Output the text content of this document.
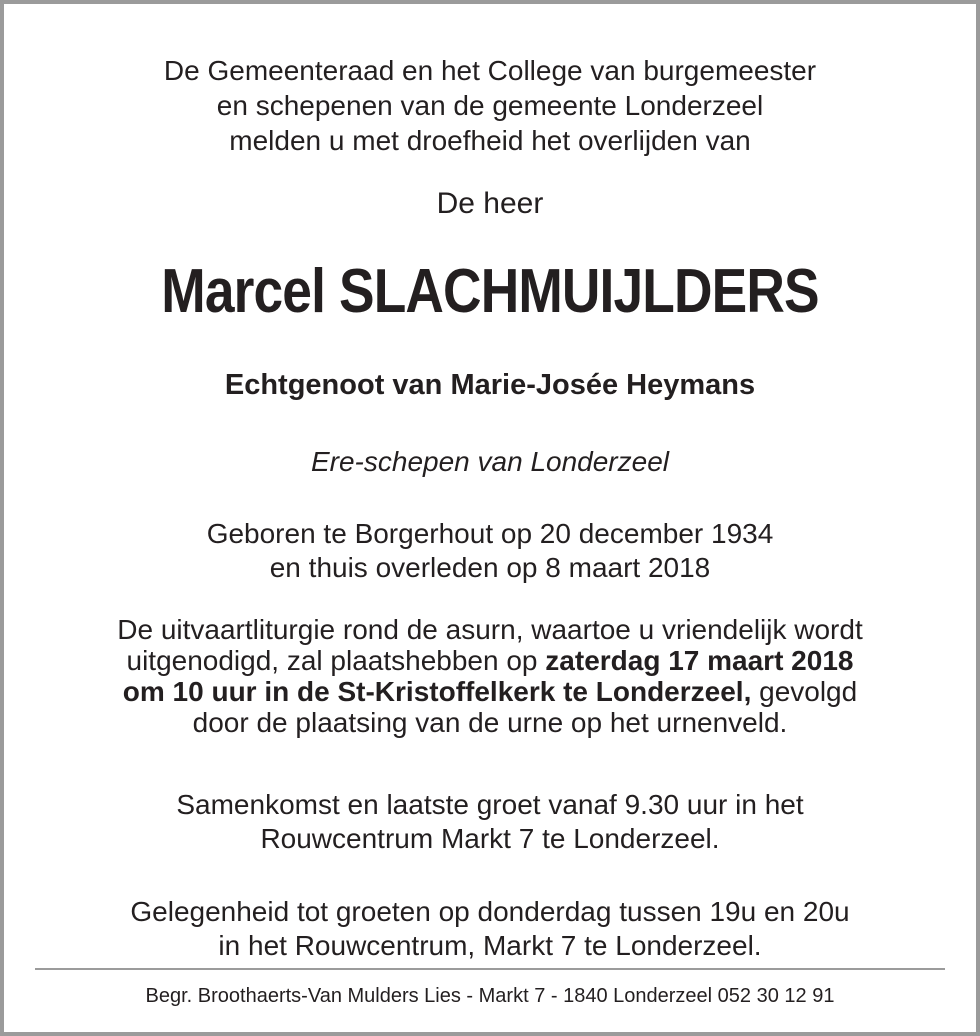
De Gemeenteraad en het College van burgemeester
en schepenen van de gemeente Londerzeel
melden u met droefheid het overlijden van
De heer
Marcel SLACHMUIJLDERS
Echtgenoot van Marie-Josée Heymans
Ere-schepen van Londerzeel
Geboren te Borgerhout op 20 december 1934
en thuis overleden op 8 maart 2018
De uitvaartliturgie rond de asurn, waartoe u vriendelijk wordt
uitgenodigd, zal plaatshebben op zaterdag 17 maart 2018
om 10 uur in de St-Kristoffelkerk te Londerzeel, gevolgd
door de plaatsing van de urne op het urnenveld.
Samenkomst en laatste groet vanaf 9.30 uur in het
Rouwcentrum Markt 7 te Londerzeel.
Gelegenheid tot groeten op donderdag tussen 19u en 20u
in het Rouwcentrum, Markt 7 te Londerzeel.
Begr. Broothaerts-Van Mulders Lies - Markt 7 - 1840 Londerzeel 052 30 12 91
